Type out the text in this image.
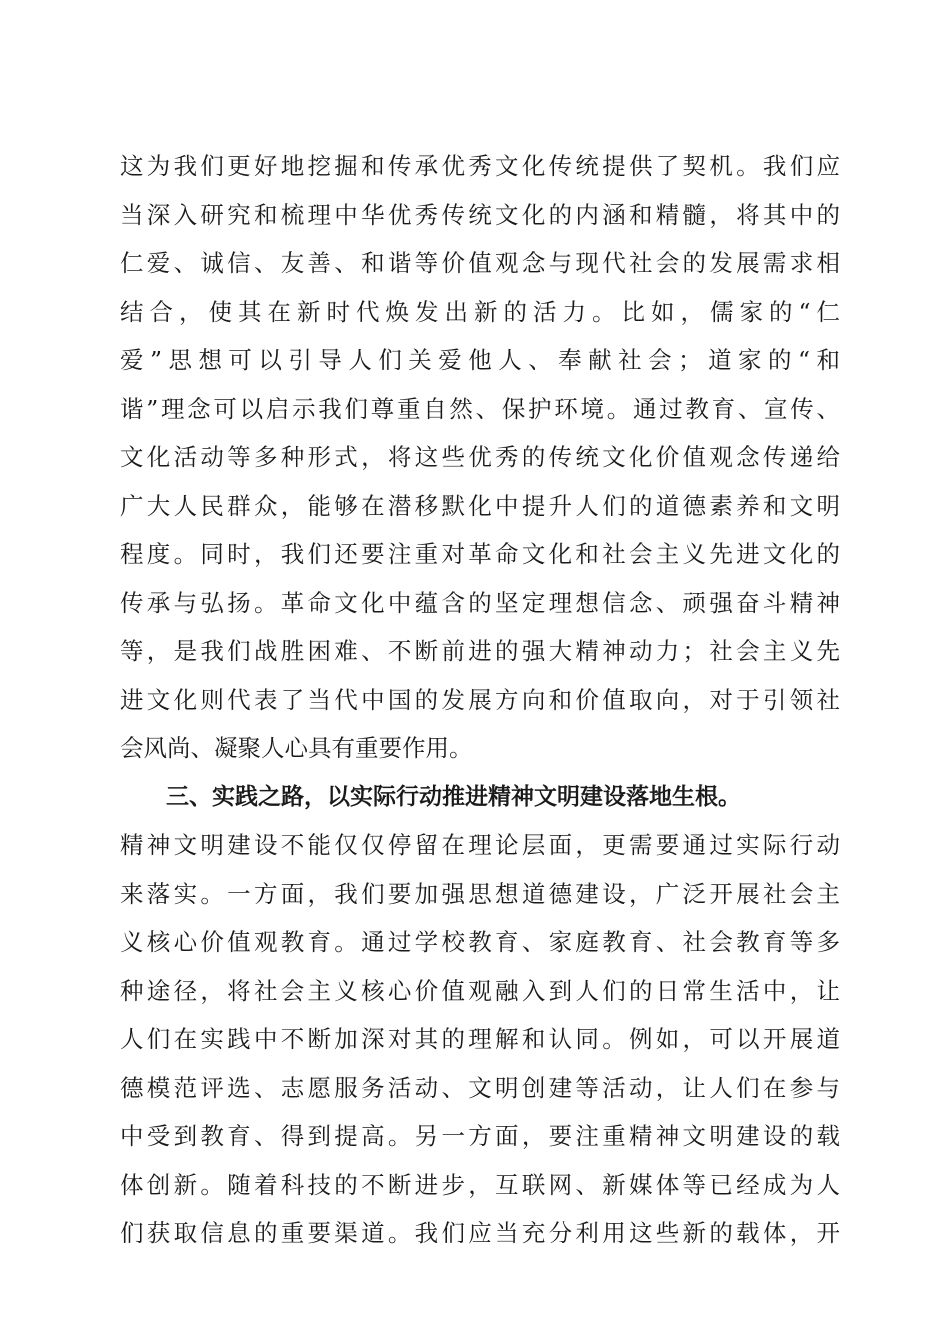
这为我们更好地挖掘和传承优秀文化传统提供了契机。我们应
当深入研究和梳理中华优秀传统文化的内涵和精髓，将其中的
仁爱、诚信、友善、和谐等价值观念与现代社会的发展需求相
结合，使其在新时代焕发出新的活力。比如，儒家的“仁
爱”思想可以引导人们关爱他人、奉献社会；道家的“和
谐”理念可以启示我们尊重自然、保护环境。通过教育、宣传、
文化活动等多种形式，将这些优秀的传统文化价值观念传递给
广大人民群众，能够在潜移默化中提升人们的道德素养和文明
程度。同时，我们还要注重对革命文化和社会主义先进文化的
传承与弘扬。革命文化中蕴含的坚定理想信念、顽强奋斗精神
等，是我们战胜困难、不断前进的强大精神动力；社会主义先
进文化则代表了当代中国的发展方向和价值取向，对于引领社
会风尚、凝聚人心具有重要作用。
三、实践之路，以实际行动推进精神文明建设落地生根。
精神文明建设不能仅仅停留在理论层面，更需要通过实际行动
来落实。一方面，我们要加强思想道德建设，广泛开展社会主
义核心价值观教育。通过学校教育、家庭教育、社会教育等多
种途径，将社会主义核心价值观融入到人们的日常生活中，让
人们在实践中不断加深对其的理解和认同。例如，可以开展道
德模范评选、志愿服务活动、文明创建等活动，让人们在参与
中受到教育、得到提高。另一方面，要注重精神文明建设的载
体创新。随着科技的不断进步，互联网、新媒体等已经成为人
们获取信息的重要渠道。我们应当充分利用这些新的载体，开
